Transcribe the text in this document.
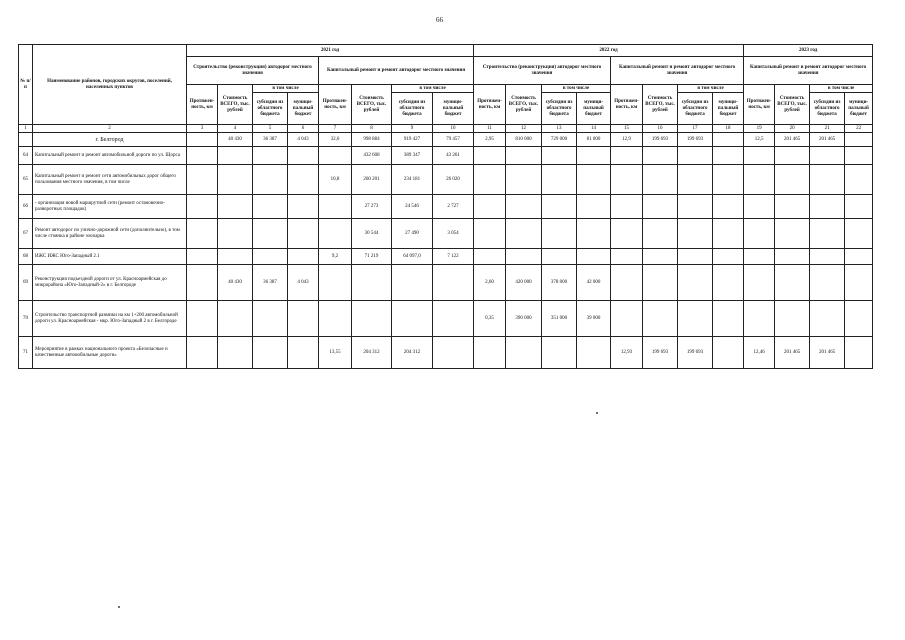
66
№ п/п	Наименование районов, городских округов, поселений, населенных пунктов	2021 год								2022 год								2023 год			
		Строительство (реконструкция) автодорог местного значения				Капитальный ремонт и ремонт автодорог местного значения				Строительство (реконструкция) автодорог местного значения				Капитальный ремонт и ремонт автодорог местного значения				Капитальный ремонт и ремонт автодорог местного значения			
		Протяжен-ность, км	Стоимость ВСЕГО, тыс. рублей	в том числе		Протяжен-ность, км	Стоимость ВСЕГО, тыс. рублей	в том числе		Протяжен-ность, км	Стоимость ВСЕГО, тыс. рублей	в том числе		Протяжен-ность, км	Стоимость ВСЕГО, тыс. рублей	в том числе		Протяжен-ность, км	Стоимость ВСЕГО, тыс. рублей	в том числе	
				субсидии из областного бюджета	муници-пальный бюджет			субсидии из областного бюджета	муници-пальный бюджет			субсидии из областного бюджета	муници-пальный бюджет			субсидии из областного бюджета	муници-пальный бюджет			субсидии из областного бюджета	муници-пальный бюджет
1	2	3	4	5	6	7	8	9	10	11	12	13	14	15	16	17	18	19	20	21	22
	г. Белгород		40 430	36 387	4 043	32,6	998 884	919 427	79 457	2,95	810 000	729 000	81 000	12,9	199 693	199 693		12,5	201 465	201 465	
64	Капитальный ремонт и ремонт автомобильной дороги по ул. Щорса						432 608	389 347	43 261												
65	Капитальный ремонт и ремонт сети автомобильных дорог общего пользования местного значения, в том числе					10,8	260 201	234 181	26 020												
66	- организация новой маршрутной сети (ремонт остановочно-разворотных площадок)						27 273	24 546	2 727												
67	Ремонт автодорог по улично-дорожной сети (дополнительно), в том числе стоянка в районе зоопарка						30 544	27 490	3 054												
68	ИЖС ИЖС Юго-Западный 2.1					9,2	71 219	64 097,0	7 122												
69	Реконструкция подъездной дороги от ул. Красноармейская до микрорайона «Юго-Западный-2» в г. Белгороде		40 430	36 387	4 043					2,60	420 000	378 000	42 000								
70	Строительство транспортной развязки на км 1+200 автомобильной дороги ул. Красноармейская - мкр. Юго-Западный 2 в г. Белгороде									0,35	390 000	351 000	39 000								
71	Мероприятие в рамках национального проекта «Безопасные и качественные автомобильные дороги»					13,55	204 312	204 312						12,93	199 693	199 693		12,46	201 465	201 465	
